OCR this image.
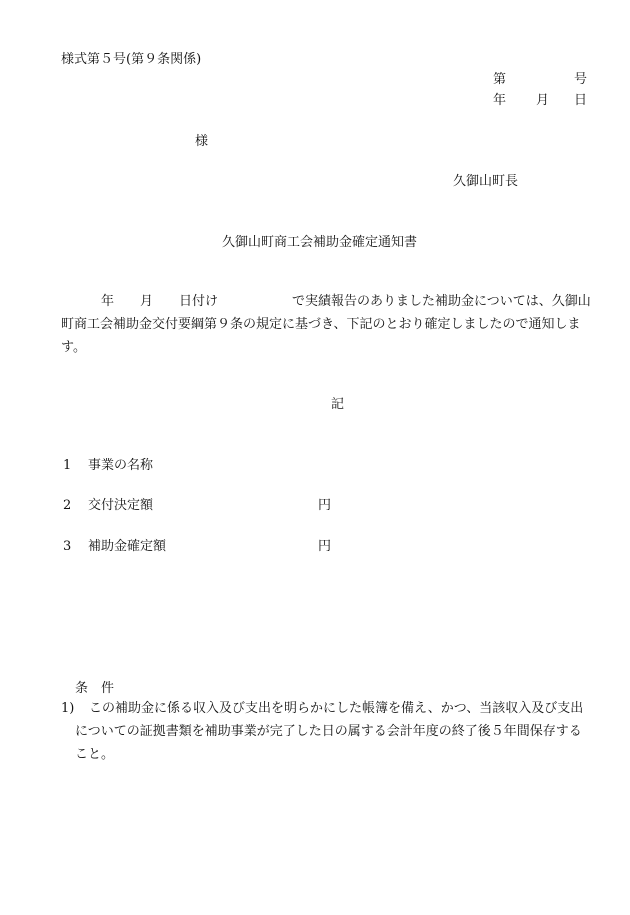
様式第５号(第９条関係)
第	号
年 月 日
様
久御山町長
久御山町商工会補助金確定通知書
年 月 日付け	で実績報告のありました補助金については、久御山町商工会補助金交付要綱第９条の規定に基づき、下記のとおり確定しましたので通知します。
記
1 事業の名称
2 交付決定額	円
3 補助金確定額	円
条　件
1)	この補助金に係る収入及び支出を明らかにした帳簿を備え、かつ、当該収入及び支出についての証拠書類を補助事業が完了した日の属する会計年度の終了後５年間保存すること。
